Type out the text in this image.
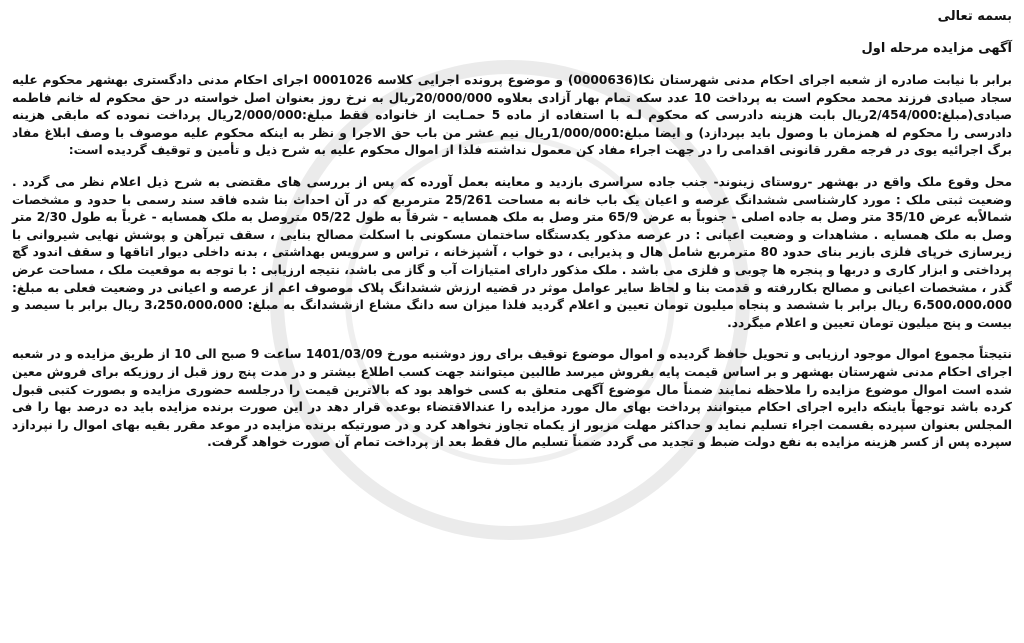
بسمه تعالی
آگهی مزایده مرحله اول

برابر با نیابت صادره از شعبه اجرای احکام مدنی شهرستان نکا(0000636) و موضوع پرونده اجرایی کلاسه 0001026 اجرای احکام مدنی دادگستری بهشهر محکوم علیه سجاد صیادی فرزند محمد محکوم است به پرداخت 10 عدد سکه تمام بهار آزادی بعلاوه 20/000/000ریال به نرخ روز بعنوان اصل خواسته در حق محکوم له خانم فاطمه صیادی(مبلغ:2/454/000ریال بابت هزینه دادرسی که محکوم لـه با استفاده از ماده 5 حمـایت از خانواده فقط مبلغ:2/000/000ریال پرداخت نموده که مابقی هزینه دادرسی را محکوم له همزمان با وصول باید بپردازد) و ایضا مبلغ:1/000/000ریال نیم عشر من باب حق الاجرا و نظر به اینکه محکوم علیه موصوف با وصف ابلاغ مفاد برگ اجرائیه یوی در فرجه مقرر قانونی اقدامی را در جهت اجراء مفاد کن معمول نداشته فلذا از اموال محکوم علیه به شرح ذیل و تأمین و توقیف گردیده است:

محل وقوع ملک واقع در بهشهر -روستای زینوند- جنب جاده سراسری بازدید و معاینه بعمل آورده که پس از بررسی های مقتضی به شرح ذیل اعلام نظر می گردد . وضعیت ثبتی ملک : مورد کارشناسی ششدانگ عرصه و اعیان یک باب خانه به مساحت 25/261 مترمربع که در آن احداث بنا شده فاقد سند رسمی با حدود و مشخصات شمالاًبه عرض 35/10 متر وصل به جاده اصلی - جنوباً به عرض 65/9 متر وصل به ملک همسایه - شرقاً به طول 05/22 متروصل به ملک همسایه - غرباً به طول 2/30 متر وصل به ملک همسایه . مشاهدات و وضعیت اعیانی : در عرصه مذکور یکدستگاه ساختمان مسکونی با اسکلت مصالح بنایی ، سقف تیرآهن و پوشش نهایی شیروانی با زیرسازی خرپای فلزی بازیر بنای حدود 80 مترمربع شامل هال و پذیرایی ، دو خواب ، آشپزخانه ، تراس و سرویس بهداشتی ، بدنه داخلی دیوار اتاقها و سقف اندود گچ پرداختی و ابزار کاری و دربها و پنجره ها چوبی و فلزی می باشد . ملک مذکور دارای امتیازات آب و گاز می باشد، نتیجه ارزیابی : با توجه به موقعیت ملک ، مساحت عرض گذر ، مشخصات اعیانی و مصالح بکاررفته و قدمت بنا و لحاظ سایر عوامل موثر در قضیه ارزش ششدانگ پلاک موصوف اعم از عرصه و اعیانی در وضعیت فعلی به مبلغ: 6،500،000،000 ریال برابر با ششصد و پنجاه میلیون تومان تعیین و اعلام گردید فلذا میزان سه دانگ مشاع ازششدانگ به مبلغ: 3،250،000،000 ریال برابر با سیصد و بیست و پنج میلیون تومان تعیین و اعلام میگردد.

نتیجتاً مجموع اموال موجود ارزیابی و تحویل حافظ گردیده و اموال موضوع توقیف برای روز دوشنبه مورخ 1401/03/09 ساعت 9 صبح الی 10 از طریق مزایده و در شعبه اجرای احکام مدنی شهرستان بهشهر و بر اساس قیمت پایه بفروش میرسد طالبین میتوانند جهت کسب اطلاع بیشتر و در مدت پنج روز قبل از روزیکه برای فروش معین شده است اموال موضوع مزایده را ملاحظه نمایند ضمناً مال موضوع آگهی متعلق به کسی خواهد بود که بالاترین قیمت را درجلسه حضوری مزایده و بصورت کتبی قبول کرده باشد توجهاً باینکه دایره اجرای احکام میتوانند پرداخت بهای مال مورد مزایده را عندالاقتضاء بوعده قرار دهد در این صورت برنده مزایده باید ده درصد بها را فی المجلس بعنوان سپرده بقسمت اجراء تسلیم نماید و حداکثر مهلت مزبور از یکماه تجاوز نخواهد کرد و در صورتیکه برنده مزایده در موعد مقرر بقیه بهای اموال را نپردازد سپرده پس از کسر هزینه مزایده به نفع دولت ضبط و تجدید می گردد ضمناً تسلیم مال فقط بعد از پرداخت تمام آن صورت خواهد گرفت.
